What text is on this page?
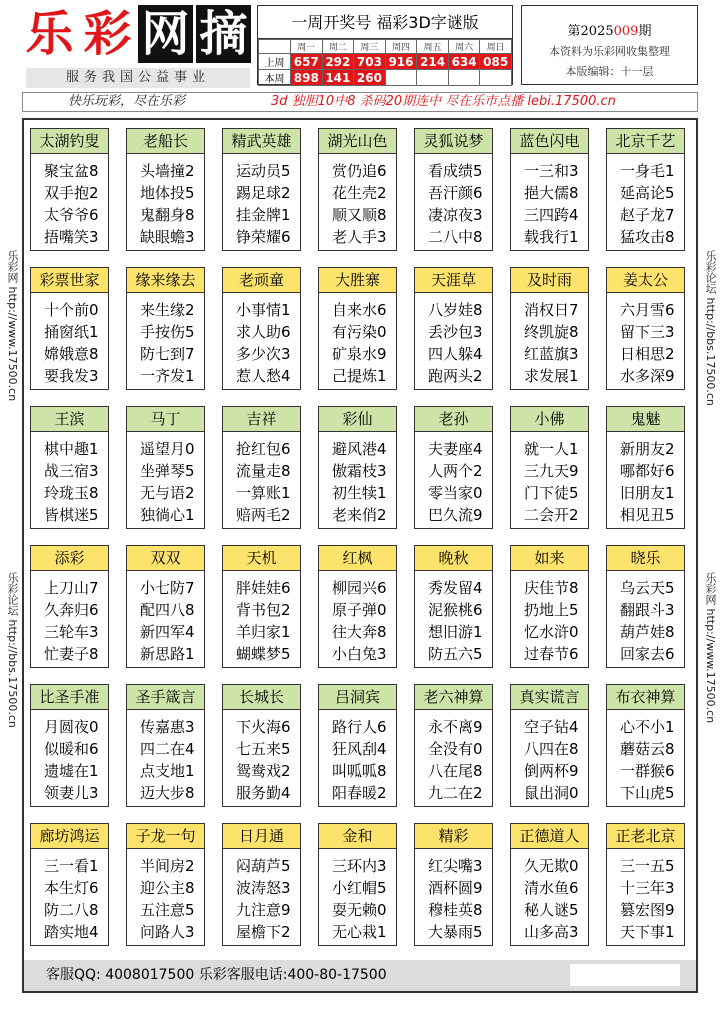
乐 彩 网 摘
服务我国公益事业
一周开奖号 福彩3D字谜版
	周一	周二	周三	周四	周五	周六	周日
上周	657	292	703	916	214	634	085
本周	898	141	260				
第2025009期
本资料为乐彩网收集整理
本版编辑：十一层
快乐玩彩，尽在乐彩	3d 独胆10中8 杀码20期连中 尽在乐市点播 lebi.17500.cn
乐彩网 http://www.17500.cn
乐彩论坛 http://bbs.17500.cn
乐彩论坛 http://bbs.17500.cn
乐彩网 http://www.17500.cn
太湖钓叟
聚宝盆8
双手抱2
太爷爷6
捂嘴笑3
老船长
头墙撞2
地体投5
鬼翻身8
缺眼蟾3
精武英雄
运动员5
踢足球2
挂金牌1
铮荣耀6
湖光山色
赏仍追6
花生壳2
顺又顺8
老人手3
灵狐说梦
看成绩5
吾汗颜6
凄凉夜3
二八中8
蓝色闪电
一三和3
挹大儒8
三四跨4
载我行1
北京千艺
一身毛1
延高论5
赵子龙7
猛攻击8
彩票世家
十个前0
捅窗纸1
嫦娥意8
要我发3
缘来缘去
来生缘2
手按伤5
防七到7
一齐发1
老顽童
小事情1
求人助6
多少次3
惹人愁4
大胜寨
自来水6
有污染0
矿泉水9
己提炼1
天涯草
八岁娃8
丢沙包3
四人躲4
跑两头2
及时雨
消权日7
终凯旋8
红蓝旗3
求发展1
姜太公
六月雪6
留下三3
日相思2
水多深9
王滨
棋中趣1
战三宿3
玲珑玉8
皆棋迷5
马丁
遥望月0
坐弹琴5
无与语2
独徜心1
吉祥
抢红包6
流量走8
一算账1
赔两毛2
彩仙
避风港4
傲霜枝3
初生犊1
老来俏2
老孙
夫妻座4
人两个2
零当家0
巴久流9
小佛
就一人1
三九天9
门下徒5
二会开2
鬼魅
新朋友2
哪都好6
旧朋友1
相见丑5
添彩
上刀山7
久奔归6
三轮车3
忙妻子8
双双
小七防7
配四八8
新四军4
新思路1
天机
胖娃娃6
背书包2
羊归家1
蝴蝶梦5
红枫
柳园兴6
原子弹0
往大奔8
小白兔3
晚秋
秀发留4
泥猴桃6
想旧游1
防五六5
如来
庆佳节8
扔地上5
忆水浒0
过春节6
晓乐
乌云天5
翻跟斗3
葫芦娃8
回家去6
比圣手准
月圆夜0
似暖和6
遗墟在1
领妻儿3
圣手箴言
传嘉惠3
四二在4
点支地1
迈大步8
长城长
下火海6
七五来5
鸳鸯戏2
服务勤4
吕洞宾
路行人6
狂风刮4
叫呱呱8
阳春暖2
老六神算
永不离9
全没有0
八在尾8
九二在2
真实谎言
空子钻4
八四在8
倒两杯9
鼠出洞0
布衣神算
心不小1
蘑菇云8
一群猴6
下山虎5
廊坊鸿运
三一看1
本生灯6
防二八8
踏实地4
子龙一句
半间房2
迎公主8
五注意5
问路人3
日月通
闷葫芦5
波涛怒3
九注意9
屋檐下2
金和
三环内3
小红帽5
耍无赖0
无心栽1
精彩
红尖嘴3
酒杯圆9
穆桂英8
大暴雨5
正德道人
久无欺0
清水鱼6
秘人谜5
山多高3
正老北京
三一五5
十三年3
篡宏图9
天下事1
客服QQ: 4008017500 乐彩客服电话:400-80-17500
